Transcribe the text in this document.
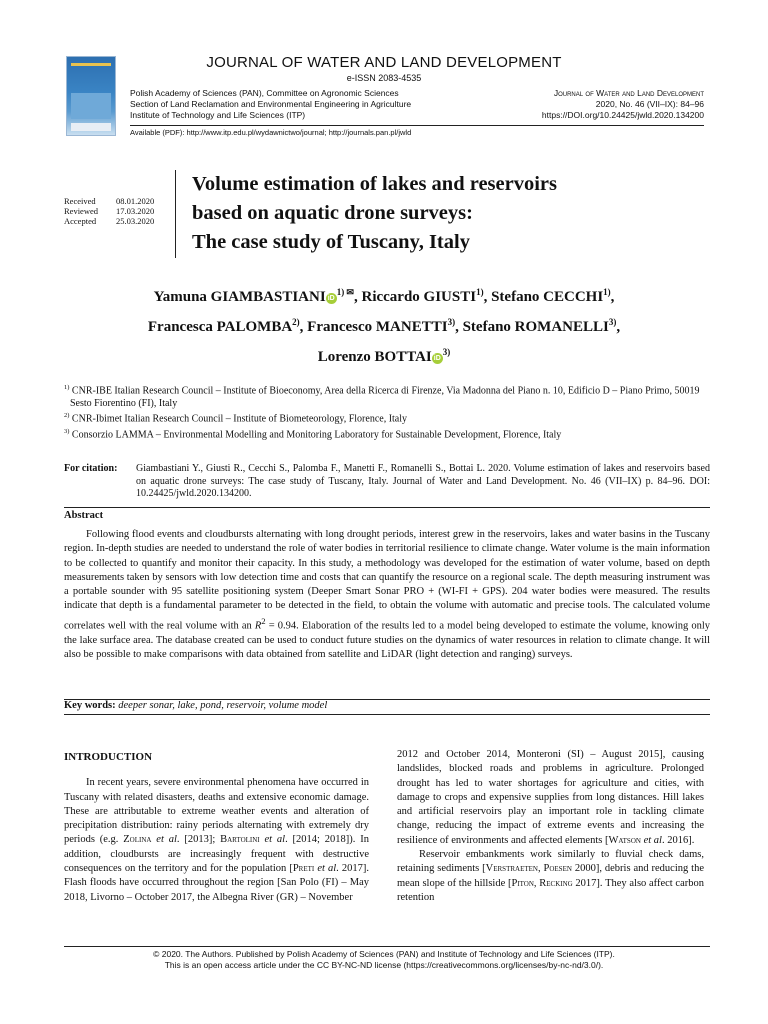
JOURNAL OF WATER AND LAND DEVELOPMENT
e-ISSN 2083-4535
Polish Academy of Sciences (PAN), Committee on Agronomic Sciences
Section of Land Reclamation and Environmental Engineering in Agriculture
Institute of Technology and Life Sciences (ITP)
Journal of Water and Land Development
2020, No. 46 (VII–IX): 84–96
https://DOI.org/10.24425/jwld.2020.134200
Available (PDF): http://www.itp.edu.pl/wydawnictwo/journal; http://journals.pan.pl/jwld
Received	08.01.2020
Reviewed	17.03.2020
Accepted	25.03.2020
Volume estimation of lakes and reservoirs
based on aquatic drone surveys:
The case study of Tuscany, Italy
Yamuna GIAMBASTIANI $iD^{1) ✉}$, Riccardo GIUSTI$^{1)}$, Stefano CECCHI$^{1)}$,
Francesca PALOMBA$^{2)}$, Francesco MANETTI$^{3)}$, Stefano ROMANELLI$^{3)}$,
Lorenzo BOTTAI $iD^{3)}$
$^{1)}$ CNR-IBE Italian Research Council – Institute of Bioeconomy, Area della Ricerca di Firenze, Via Madonna del Piano n. 10, Edificio D – Piano Primo, 50019 Sesto Fiorentino (FI), Italy
$^{2)}$ CNR-Ibimet Italian Research Council – Institute of Biometeorology, Florence, Italy
$^{3)}$ Consorzio LAMMA – Environmental Modelling and Monitoring Laboratory for Sustainable Development, Florence, Italy
For citation: Giambastiani Y., Giusti R., Cecchi S., Palomba F., Manetti F., Romanelli S., Bottai L. 2020. Volume estimation of lakes and reservoirs based on aquatic drone surveys: The case study of Tuscany, Italy. Journal of Water and Land Development. No. 46 (VII–IX) p. 84–96. DOI: 10.24425/jwld.2020.134200.
Abstract
Following flood events and cloudbursts alternating with long drought periods, interest grew in the reservoirs, lakes and water basins in the Tuscany region. In-depth studies are needed to understand the role of water bodies in territorial resilience to climate change. Water volume is the main information to be collected to quantify and monitor their capacity. In this study, a methodology was developed for the estimation of water volume, based on depth measurements taken by sensors with low detection time and costs that can quantify the resource on a regional scale. The depth measuring instrument was a portable sounder with 95 satellite positioning system (Deeper Smart Sonar PRO + (WI-FI + GPS). 204 water bodies were measured. The results indicate that depth is a fundamental parameter to be detected in the field, to obtain the volume with automatic and precise tools. The calculated volume correlates well with the real volume with an $R^2 = 0.94$. Elaboration of the results led to a model being developed to estimate the volume, knowing only the lake surface area. The database created can be used to conduct future studies on the dynamics of water resources in relation to climate change. It will also be possible to make comparisons with data obtained from satellite and LiDAR (light detection and ranging) surveys.
Key words: deeper sonar, lake, pond, reservoir, volume model
INTRODUCTION

In recent years, severe environmental phenomena have occurred in Tuscany with related disasters, deaths and extensive economic damage. These are attributable to extreme weather events and alteration of precipitation distribution: rainy periods alternating with extremely dry periods (e.g. Zolina et al. [2013]; Bartolini et al. [2014; 2018]). In addition, cloudbursts are increasingly frequent with destructive consequences on the territory and for the population [Preti et al. 2017]. Flash floods have occurred throughout the region [San Polo (FI) – May 2018, Livorno – October 2017, the Albegna River (GR) – November

2012 and October 2014, Monteroni (SI) – August 2015], causing landslides, blocked roads and problems in agriculture. Prolonged drought has led to water shortages for agriculture and cities, with damage to crops and expensive supplies from long distances. Hill lakes and artificial reservoirs play an important role in tackling climate change, reducing the impact of extreme events and increasing the resilience of environments and affected elements [Watson et al. 2016].

Reservoir embankments work similarly to fluvial check dams, retaining sediments [Verstraeten, Poesen 2000], debris and reducing the mean slope of the hillside [Piton, Recking 2017]. They also affect carbon retention

© 2020. The Authors. Published by Polish Academy of Sciences (PAN) and Institute of Technology and Life Sciences (ITP).
This is an open access article under the CC BY-NC-ND license (https://creativecommons.org/licenses/by-nc-nd/3.0/).
